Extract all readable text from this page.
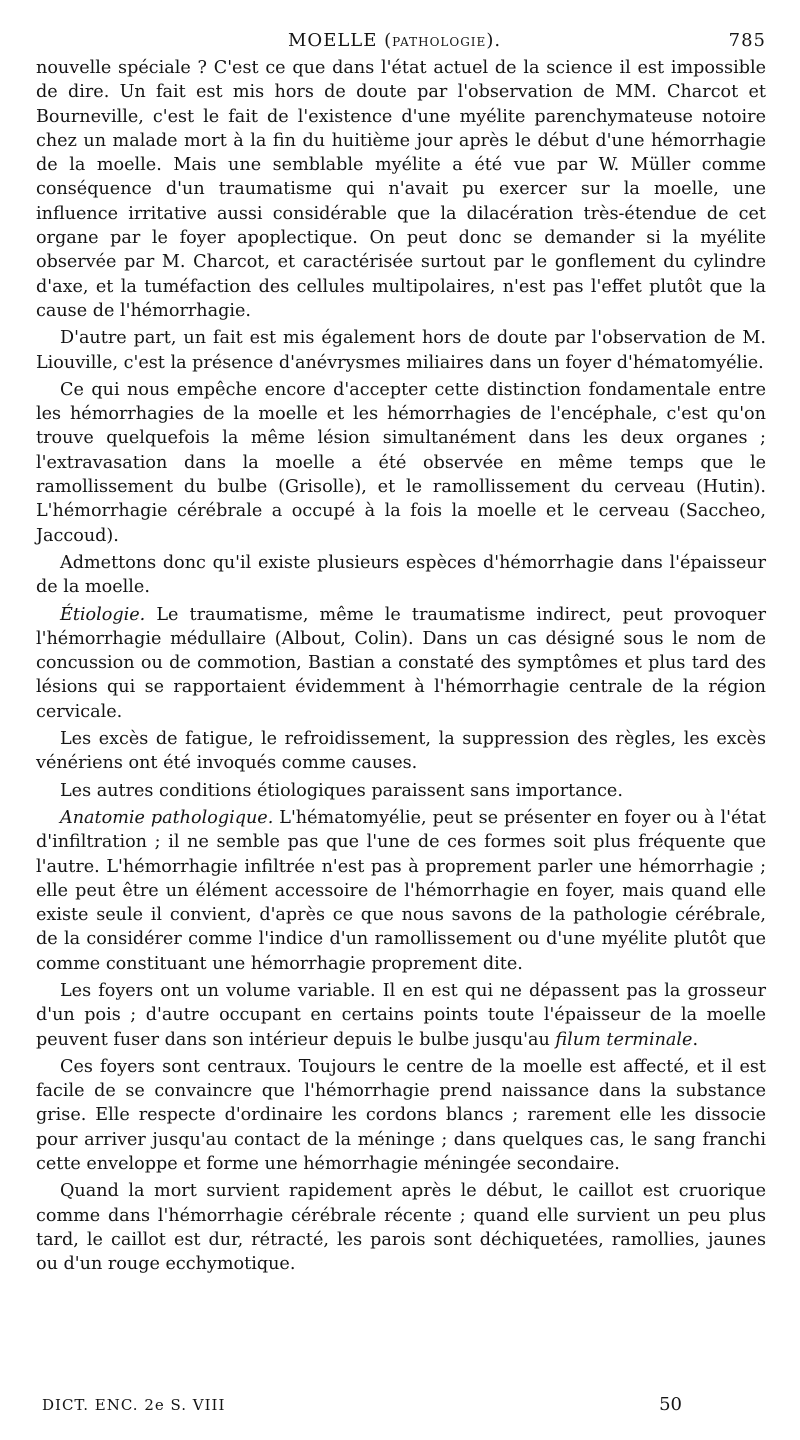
MOELLE (PATHOLOGIE).	785

nouvelle spéciale ? C'est ce que dans l'état actuel de la science il est impossible de dire. Un fait est mis hors de doute par l'observation de MM. Charcot et Bourneville, c'est le fait de l'existence d'une myélite parenchymateuse notoire chez un malade mort à la fin du huitième jour après le début d'une hémorrhagie de la moelle. Mais une semblable myélite a été vue par W. Müller comme conséquence d'un traumatisme qui n'avait pu exercer sur la moelle, une influence irritative aussi considérable que la dilacération très-étendue de cet organe par le foyer apoplectique. On peut donc se demander si la myélite observée par M. Charcot, et caractérisée surtout par le gonflement du cylindre d'axe, et la tuméfaction des cellules multipolaires, n'est pas l'effet plutôt que la cause de l'hémorrhagie.

D'autre part, un fait est mis également hors de doute par l'observation de M. Liouville, c'est la présence d'anévrysmes miliaires dans un foyer d'hématomyélie.

Ce qui nous empêche encore d'accepter cette distinction fondamentale entre les hémorrhagies de la moelle et les hémorrhagies de l'encéphale, c'est qu'on trouve quelquefois la même lésion simultanément dans les deux organes ; l'extravasation dans la moelle a été observée en même temps que le ramollissement du bulbe (Grisolle), et le ramollissement du cerveau (Hutin). L'hémorrhagie cérébrale a occupé à la fois la moelle et le cerveau (Saccheo, Jaccoud).

Admettons donc qu'il existe plusieurs espèces d'hémorrhagie dans l'épaisseur de la moelle.

Étiologie. Le traumatisme, même le traumatisme indirect, peut provoquer l'hémorrhagie médullaire (Albout, Colin). Dans un cas désigné sous le nom de concussion ou de commotion, Bastian a constaté des symptômes et plus tard des lésions qui se rapportaient évidemment à l'hémorrhagie centrale de la région cervicale.

Les excès de fatigue, le refroidissement, la suppression des règles, les excès vénériens ont été invoqués comme causes.

Les autres conditions étiologiques paraissent sans importance.

Anatomie pathologique. L'hématomyélie, peut se présenter en foyer ou à l'état d'infiltration ; il ne semble pas que l'une de ces formes soit plus fréquente que l'autre. L'hémorrhagie infiltrée n'est pas à proprement parler une hémorrhagie ; elle peut être un élément accessoire de l'hémorrhagie en foyer, mais quand elle existe seule il convient, d'après ce que nous savons de la pathologie cérébrale, de la considérer comme l'indice d'un ramollissement ou d'une myélite plutôt que comme constituant une hémorrhagie proprement dite.

Les foyers ont un volume variable. Il en est qui ne dépassent pas la grosseur d'un pois ; d'autre occupant en certains points toute l'épaisseur de la moelle peuvent fuser dans son intérieur depuis le bulbe jusqu'au filum terminale.

Ces foyers sont centraux. Toujours le centre de la moelle est affecté, et il est facile de se convaincre que l'hémorrhagie prend naissance dans la substance grise. Elle respecte d'ordinaire les cordons blancs ; rarement elle les dissocie pour arriver jusqu'au contact de la méninge ; dans quelques cas, le sang franchi cette enveloppe et forme une hémorrhagie méningée secondaire.

Quand la mort survient rapidement après le début, le caillot est cruorique comme dans l'hémorrhagie cérébrale récente ; quand elle survient un peu plus tard, le caillot est dur, rétracté, les parois sont déchiquetées, ramollies, jaunes ou d'un rouge ecchymotique.

DICT. ENC. 2e S. VIII	50
